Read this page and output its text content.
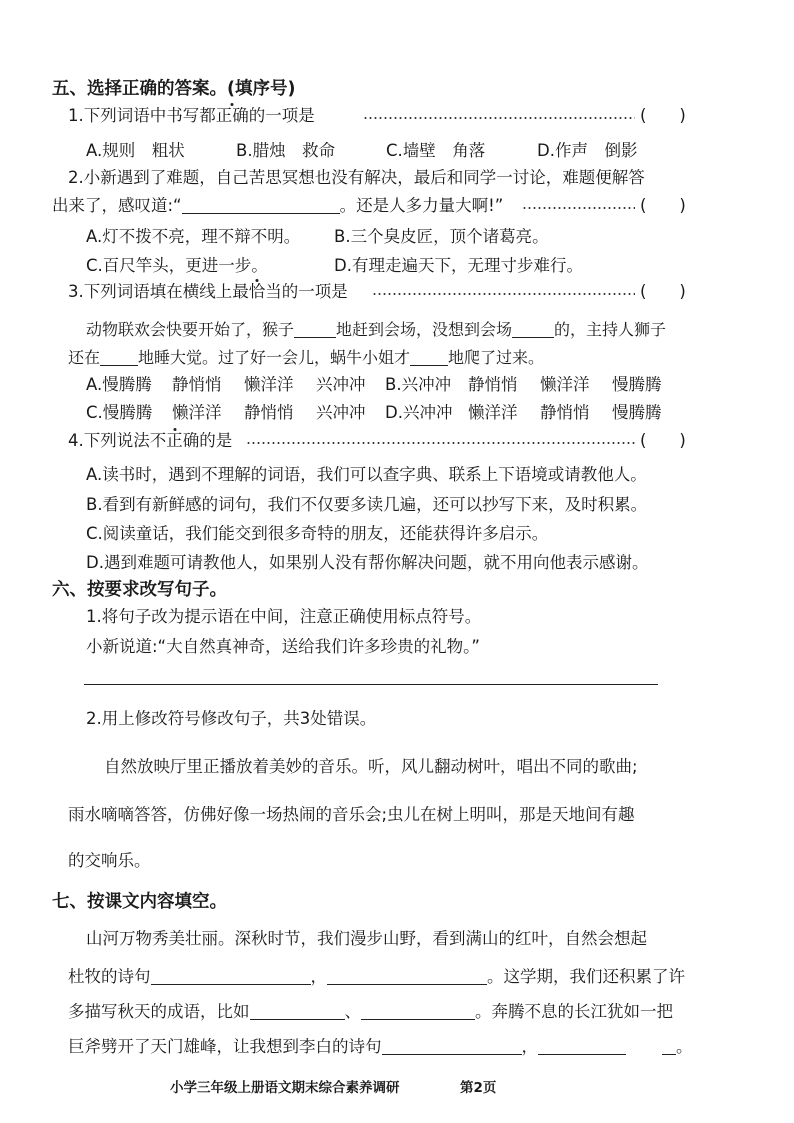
五、选择正确的答案。(填序号)
1.下列词语中书写都正确的一项是	(　　)
A.规则　粗状	B.腊烛　救命	C.墙壁　角落	D.作声　倒影
2.小新遇到了难题，自己苦思冥想也没有解决，最后和同学一讨论，难题便解答
出来了，感叹道:“	。还是人多力量大啊!”	(　　)
A.灯不拨不亮，理不辩不明。 B.三个臭皮匠，顶个诸葛亮。
C.百尺竿头，更进一步。	D.有理走遍天下，无理寸步难行。
3.下列词语填在横线上最恰当的一项是	(　　)
动物联欢会快要开始了，猴子	地赶到会场，没想到会场	的，主持人狮子
还在 地睡大觉。过了好一会儿，蜗牛小姐才 地爬了过来。
A.慢腾腾 静悄悄 懒洋洋 兴冲冲 B.兴冲冲 静悄悄 懒洋洋 慢腾腾
C.慢腾腾 懒洋洋 静悄悄 兴冲冲 D.兴冲冲 懒洋洋 静悄悄 慢腾腾
4.下列说法不正确的是	(　　)
A.读书时，遇到不理解的词语，我们可以查字典、联系上下语境或请教他人。
B.看到有新鲜感的词句，我们不仅要多读几遍，还可以抄写下来，及时积累。
C.阅读童话，我们能交到很多奇特的朋友，还能获得许多启示。
D.遇到难题可请教他人，如果别人没有帮你解决问题，就不用向他表示感谢。
六、按要求改写句子。
1.将句子改为提示语在中间，注意正确使用标点符号。
小新说道:“大自然真神奇，送给我们许多珍贵的礼物。”
2.用上修改符号修改句子，共3处错误。
自然放映厅里正播放着美妙的音乐。听，风儿翻动树叶，唱出不同的歌曲;
雨水嘀嘀答答，仿佛好像一场热闹的音乐会;虫儿在树上明叫，那是天地间有趣
的交响乐。
七、按课文内容填空。
山河万物秀美壮丽。深秋时节，我们漫步山野，看到满山的红叶，自然会想起
杜牧的诗句	，	。这学期，我们还积累了许
多描写秋天的成语，比如	、	。奔腾不息的长江犹如一把
巨斧劈开了天门雄峰，让我想到李白的诗句	，	。
小学三年级上册语文期末综合素养调研	第2页
